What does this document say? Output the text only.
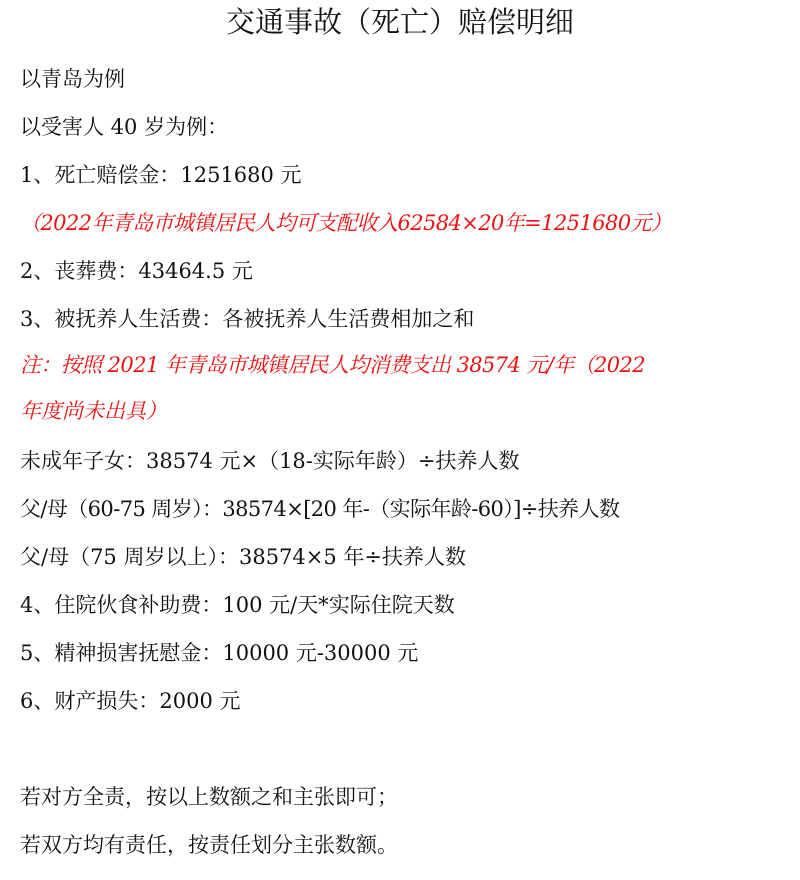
交通事故（死亡）赔偿明细
以青岛为例
以受害人 40 岁为例：
1、死亡赔偿金：1251680 元
（2022年青岛市城镇居民人均可支配收入62584×20年=1251680元）
2、丧葬费：43464.5 元
3、被抚养人生活费：各被抚养人生活费相加之和
注：按照 2021 年青岛市城镇居民人均消费支出 38574 元/年（2022
年度尚未出具）
未成年子女：38574 元×（18-实际年龄）÷扶养人数
父/母（60-75 周岁）：38574×[20 年-（实际年龄-60）]÷扶养人数
父/母（75 周岁以上）：38574×5 年÷扶养人数
4、住院伙食补助费：100 元/天*实际住院天数
5、精神损害抚慰金：10000 元-30000 元
6、财产损失：2000 元
若对方全责，按以上数额之和主张即可；
若双方均有责任，按责任划分主张数额。
